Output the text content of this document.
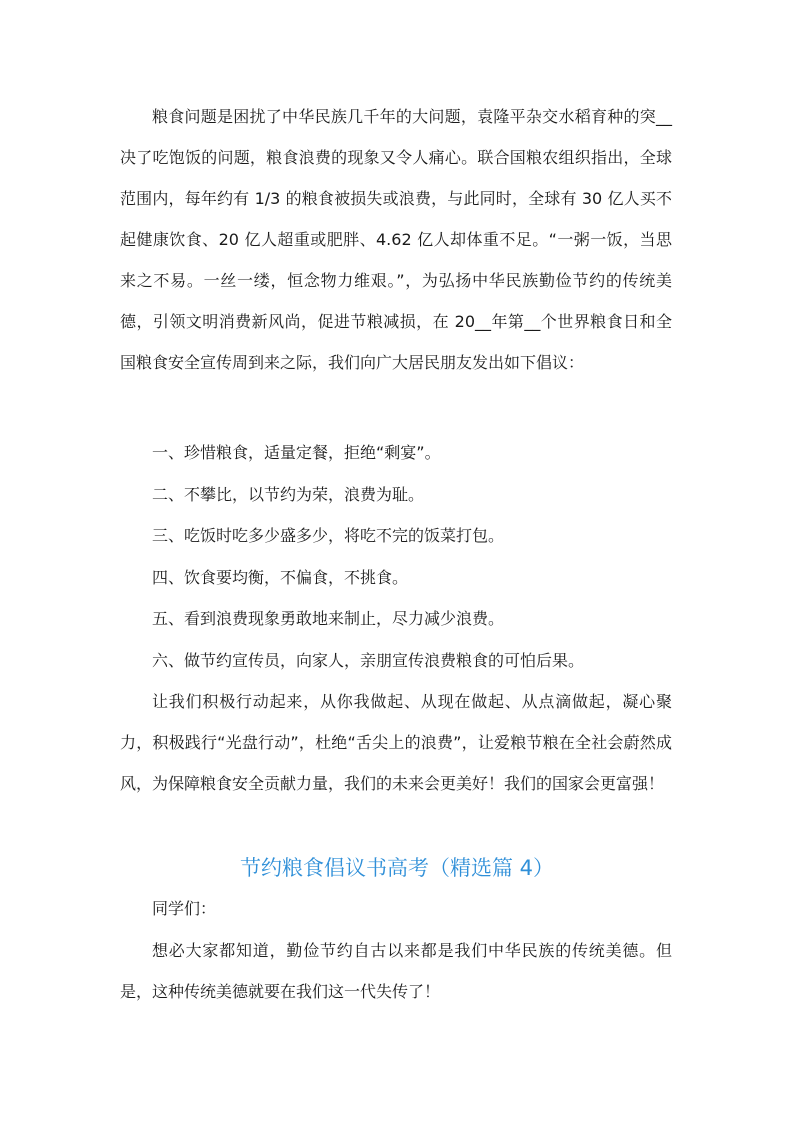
粮食问题是困扰了中华民族几千年的大问题，袁隆平杂交水稻育种的突__决了吃饱饭的问题，粮食浪费的现象又令人痛心。联合国粮农组织指出，全球范围内，每年约有 1/3 的粮食被损失或浪费，与此同时，全球有 30 亿人买不起健康饮食、20 亿人超重或肥胖、4.62 亿人却体重不足。“一粥一饭，当思来之不易。一丝一缕，恒念物力维艰。”，为弘扬中华民族勤俭节约的传统美德，引领文明消费新风尚，促进节粮减损，在 20__年第__个世界粮食日和全国粮食安全宣传周到来之际，我们向广大居民朋友发出如下倡议：

一、珍惜粮食，适量定餐，拒绝“剩宴”。

二、不攀比，以节约为荣，浪费为耻。

三、吃饭时吃多少盛多少，将吃不完的饭菜打包。

四、饮食要均衡，不偏食，不挑食。

五、看到浪费现象勇敢地来制止，尽力减少浪费。

六、做节约宣传员，向家人，亲朋宣传浪费粮食的可怕后果。

让我们积极行动起来，从你我做起、从现在做起、从点滴做起，凝心聚力，积极践行“光盘行动”，杜绝“舌尖上的浪费”，让爱粮节粮在全社会蔚然成风，为保障粮食安全贡献力量，我们的未来会更美好！我们的国家会更富强！

节约粮食倡议书高考（精选篇 4）

同学们：

想必大家都知道，勤俭节约自古以来都是我们中华民族的传统美德。但是，这种传统美德就要在我们这一代失传了！
